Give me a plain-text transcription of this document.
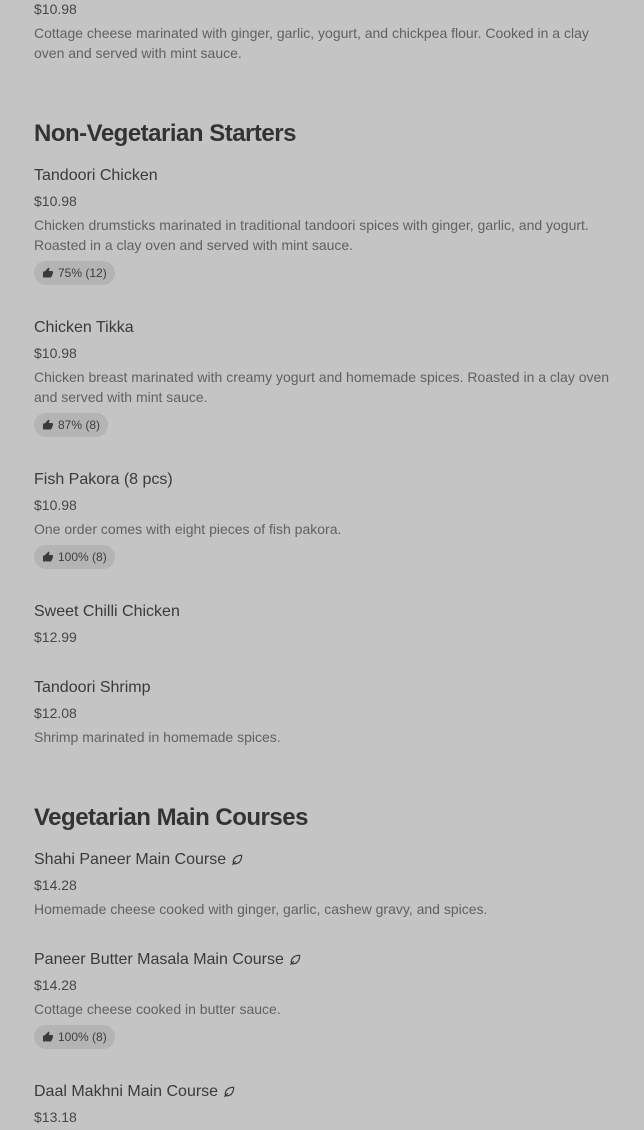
$10.98
Cottage cheese marinated with ginger, garlic, yogurt, and chickpea flour. Cooked in a clay oven and served with mint sauce.
Non-Vegetarian Starters
Tandoori Chicken
$10.98
Chicken drumsticks marinated in traditional tandoori spices with ginger, garlic, and yogurt. Roasted in a clay oven and served with mint sauce.
75% (12)
Chicken Tikka
$10.98
Chicken breast marinated with creamy yogurt and homemade spices. Roasted in a clay oven and served with mint sauce.
87% (8)
Fish Pakora (8 pcs)
$10.98
One order comes with eight pieces of fish pakora.
100% (8)
Sweet Chilli Chicken
$12.99
Tandoori Shrimp
$12.08
Shrimp marinated in homemade spices.
Vegetarian Main Courses
Shahi Paneer Main Course
$14.28
Homemade cheese cooked with ginger, garlic, cashew gravy, and spices.
Paneer Butter Masala Main Course
$14.28
Cottage cheese cooked in butter sauce.
100% (8)
Daal Makhni Main Course
$13.18
